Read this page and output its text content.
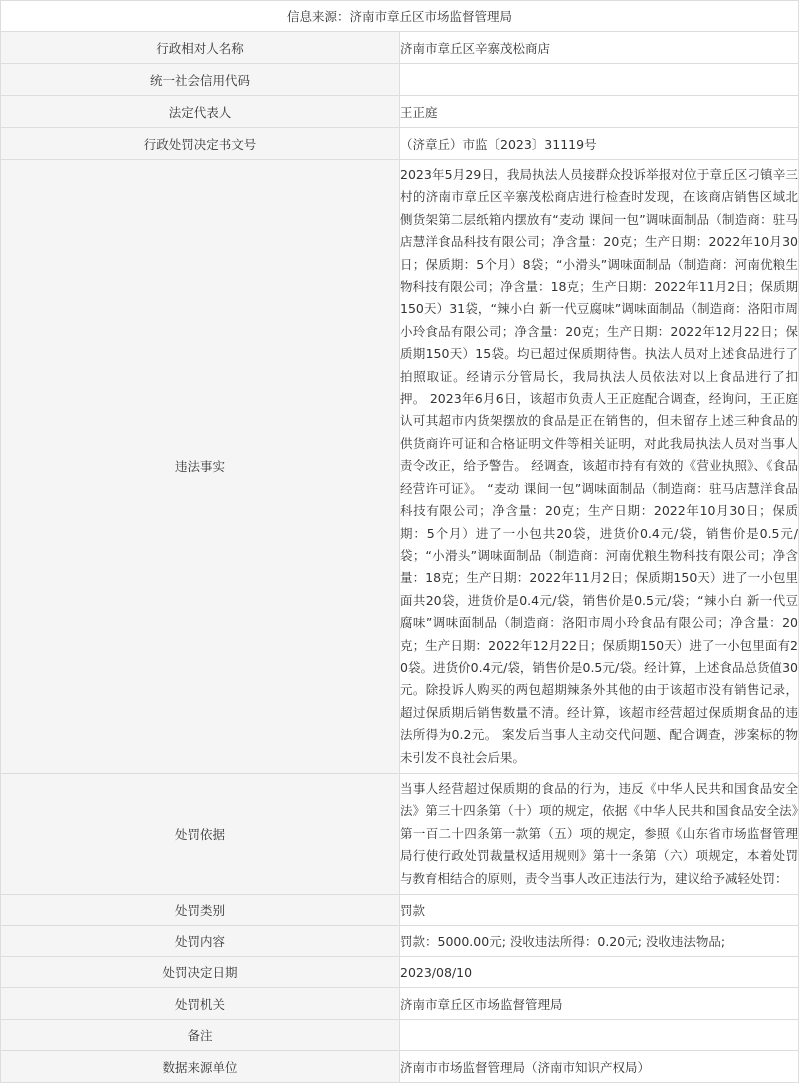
信息来源：济南市章丘区市场监督管理局	
行政相对人名称	济南市章丘区辛寨茂松商店
统一社会信用代码	
法定代表人	王正庭
行政处罚决定书文号	（济章丘）市监〔2023〕31119号
违法事实	2023年5月29日，我局执法人员接群众投诉举报对位于章丘区刁镇辛三村的济南市章丘区辛寨茂松商店进行检查时发现，在该商店销售区域北侧货架第二层纸箱内摆放有“麦动 课间一包”调味面制品（制造商：驻马店慧洋食品科技有限公司；净含量：20克；生产日期：2022年10月30日；保质期：5个月）8袋；“小滑头”调味面制品（制造商：河南优粮生物科技有限公司；净含量：18克；生产日期：2022年11月2日；保质期150天）31袋，“辣小白 新一代豆腐味”调味面制品（制造商：洛阳市周小玲食品有限公司；净含量：20克；生产日期：2022年12月22日；保质期150天）15袋。均已超过保质期待售。执法人员对上述食品进行了拍照取证。经请示分管局长，我局执法人员依法对以上食品进行了扣押。 2023年6月6日，该超市负责人王正庭配合调查，经询问，王正庭认可其超市内货架摆放的食品是正在销售的，但未留存上述三种食品的供货商许可证和合格证明文件等相关证明，对此我局执法人员对当事人责令改正，给予警告。 经调查，该超市持有有效的《营业执照》、《食品经营许可证》。 “麦动 课间一包”调味面制品（制造商：驻马店慧洋食品科技有限公司；净含量：20克；生产日期：2022年10月30日；保质期：5个月）进了一小包共20袋，进货价0.4元/袋，销售价是0.5元/袋；“小滑头”调味面制品（制造商：河南优粮生物科技有限公司；净含量：18克；生产日期：2022年11月2日；保质期150天）进了一小包里面共20袋，进货价是0.4元/袋，销售价是0.5元/袋；“辣小白 新一代豆腐味”调味面制品（制造商：洛阳市周小玲食品有限公司；净含量：20克；生产日期：2022年12月22日；保质期150天）进了一小包里面有20袋。进货价0.4元/袋，销售价是0.5元/袋。经计算，上述食品总货值30元。除投诉人购买的两包超期辣条外其他的由于该超市没有销售记录，超过保质期后销售数量不清。经计算，该超市经营超过保质期食品的违法所得为0.2元。 案发后当事人主动交代问题、配合调查，涉案标的物未引发不良社会后果。
处罚依据	当事人经营超过保质期的食品的行为，违反《中华人民共和国食品安全法》第三十四条第（十）项的规定，依据《中华人民共和国食品安全法》第一百二十四条第一款第（五）项的规定，参照《山东省市场监督管理局行使行政处罚裁量权适用规则》第十一条第（六）项规定，本着处罚与教育相结合的原则，责令当事人改正违法行为，建议给予减轻处罚：
处罚类别	罚款
处罚内容	罚款：5000.00元; 没收违法所得：0.20元; 没收违法物品;
处罚决定日期	2023/08/10
处罚机关	济南市章丘区市场监督管理局
备注	
数据来源单位	济南市市场监督管理局（济南市知识产权局）
